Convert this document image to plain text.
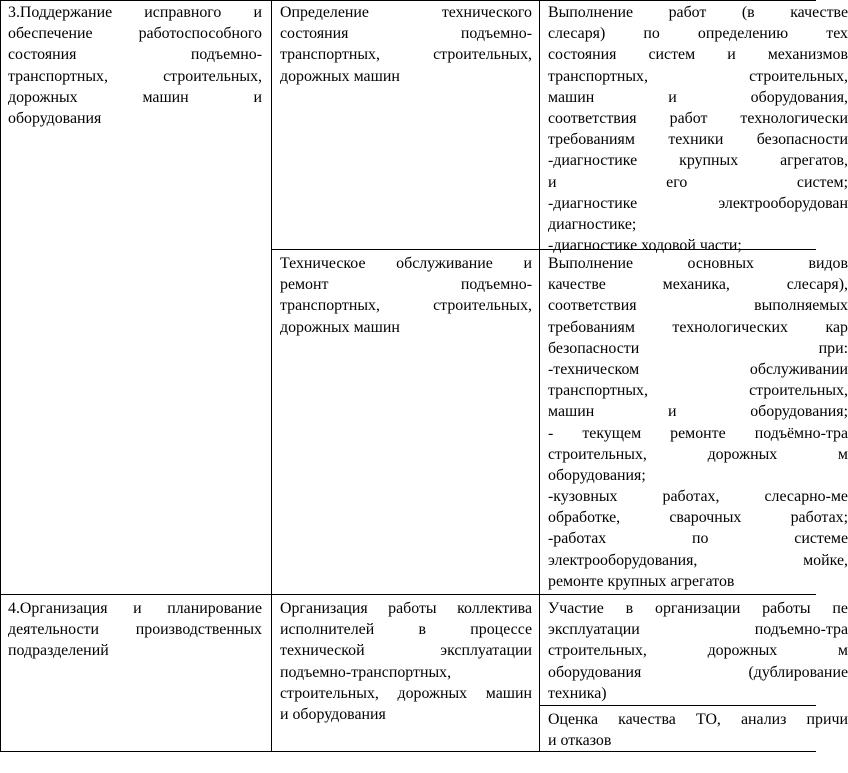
3.Поддержание исправного и
обеспечение работоспособного
состояния подъемно-
транспортных, строительных,
дорожных машин и
оборудования
Определение технического
состояния подъемно-
транспортных, строительных,
дорожных машин
Выполнение работ (в качестве
слесаря) по определению тех
состояния систем и механизмов
транспортных, строительных,
машин и оборудования,
соответствия работ технологически
требованиям техники безопасности
-диагностике крупных агрегатов,
и его систем;
-диагностике электрооборудован
диагностике;
-диагностике ходовой части;
Техническое обслуживание и
ремонт подъемно-
транспортных, строительных,
дорожных машин
Выполнение основных видов
качестве механика, слесаря),
соответствия выполняемых
требованиям технологических кар
безопасности при:
-техническом обслуживании
транспортных, строительных,
машин и оборудования;
- текущем ремонте подъёмно-тра
строительных, дорожных м
оборудования;
-кузовных работах, слесарно-ме
обработке, сварочных работах;
-работах по системе
электрооборудования, мойке,
ремонте крупных агрегатов
4.Организация и планирование
деятельности производственных
подразделений
Организация работы коллектива
исполнителей в процессе
технической эксплуатации
подъемно-транспортных,
строительных, дорожных машин
и оборудования
Участие в организации работы пе
эксплуатации подъемно-тра
строительных, дорожных м
оборудования (дублирование
техника)
Оценка качества ТО, анализ причи
и отказов
